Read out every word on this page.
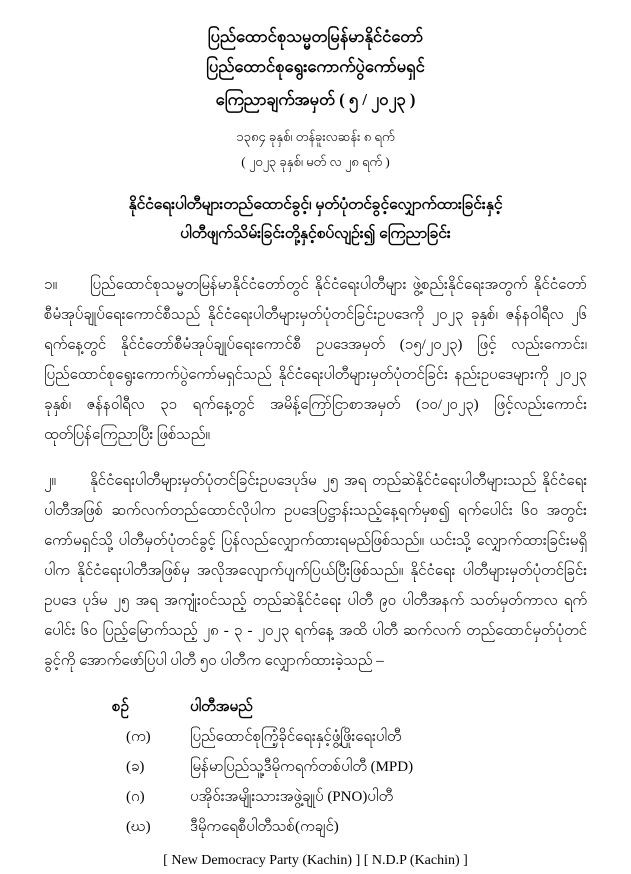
ပြည်ထောင်စုသမ္မတမြန်မာနိုင်ငံတော်
ပြည်ထောင်စုရွေးကောက်ပွဲကော်မရှင်
ကြေညာချက်အမှတ် ( ၅ / ၂၀၂၃ )
၁၃၈၄ ခုနှစ်၊ တန်ခူးလဆန်း ၈ ရက်
( ၂၀၂၃ ခုနှစ်၊ မတ် လ ၂၈ ရက် )
နိုင်ငံရေးပါတီများတည်ထောင်ခွင့်၊ မှတ်ပုံတင်ခွင့်လျှောက်ထားခြင်းနှင့်
ပါတီဖျက်သိမ်းခြင်းတို့နှင့်စပ်လျဉ်း၍ ကြေညာခြင်း
၁။ ပြည်ထောင်စုသမ္မတမြန်မာနိုင်ငံတော်တွင် နိုင်ငံရေးပါတီများ ဖွဲ့စည်းနိုင်ရေးအတွက် နိုင်ငံတော်စီမံအုပ်ချုပ်ရေးကောင်စီသည် နိုင်ငံရေးပါတီများမှတ်ပုံတင်ခြင်းဥပဒေကို ၂၀၂၃ ခုနှစ်၊ ဇန်နဝါရီလ ၂၆ ရက်နေ့တွင် နိုင်ငံတော်စီမံအုပ်ချုပ်ရေးကောင်စီ ဥပဒေအမှတ် (၁၅/၂၀၂၃) ဖြင့် လည်းကောင်း၊ ပြည်ထောင်စုရွေးကောက်ပွဲကော်မရှင်သည် နိုင်ငံရေးပါတီများမှတ်ပုံတင်ခြင်း နည်းဥပဒေများကို ၂၀၂၃ ခုနှစ်၊ ဇန်နဝါရီလ ၃၁ ရက်နေ့တွင် အမိန့်ကြော်ငြာစာအမှတ် (၁၀/၂၀၂၃) ဖြင့်လည်းကောင်း ထုတ်ပြန်ကြေညာပြီး ဖြစ်သည်။
၂။ နိုင်ငံရေးပါတီများမှတ်ပုံတင်ခြင်းဥပဒေပုဒ်မ ၂၅ အရ တည်ဆဲနိုင်ငံရေးပါတီများသည် နိုင်ငံရေးပါတီအဖြစ် ဆက်လက်တည်ထောင်လိုပါက ဥပဒေပြဋ္ဌာန်းသည့်နေ့ရက်မှစ၍ ရက်ပေါင်း ၆၀ အတွင်း ကော်မရှင်သို့ ပါတီမှတ်ပုံတင်ခွင့် ပြန်လည်လျှောက်ထားရမည်ဖြစ်သည်။ ယင်းသို့ လျှောက်ထားခြင်းမရှိပါက နိုင်ငံရေးပါတီအဖြစ်မှ အလိုအလျောက်ပျက်ပြယ်ပြီးဖြစ်သည်။ နိုင်ငံရေး ပါတီများမှတ်ပုံတင်ခြင်းဥပဒေ ပုဒ်မ ၂၅ အရ အကျုံးဝင်သည့် တည်ဆဲနိုင်ငံရေး ပါတီ ၉၀ ပါတီအနက် သတ်မှတ်ကာလ ရက်ပေါင်း ၆၀ ပြည့်မြောက်သည့် ၂၈ - ၃ - ၂၀၂၃ ရက်နေ့ အထိ ပါတီ ဆက်လက် တည်ထောင်မှတ်ပုံတင်ခွင့်ကို အောက်ဖော်ပြပါ ပါတီ ၅၀ ပါတီက လျှောက်ထားခဲ့သည် –
စဉ်	ပါတီအမည်
(က)	ပြည်ထောင်စုကြံ့ခိုင်ရေးနှင့်ဖွံ့ဖြိုးရေးပါတီ
(ခ)	မြန်မာပြည်သူ့ဒီမိုကရက်တစ်ပါတီ (MPD)
(ဂ)	ပအိုဝ်းအမျိုးသားအဖွဲ့ချုပ် (PNO)ပါတီ
(ဃ)	ဒီမိုကရေစီပါတီသစ်(ကချင်)
[ New Democracy Party (Kachin) ] [ N.D.P (Kachin) ]
